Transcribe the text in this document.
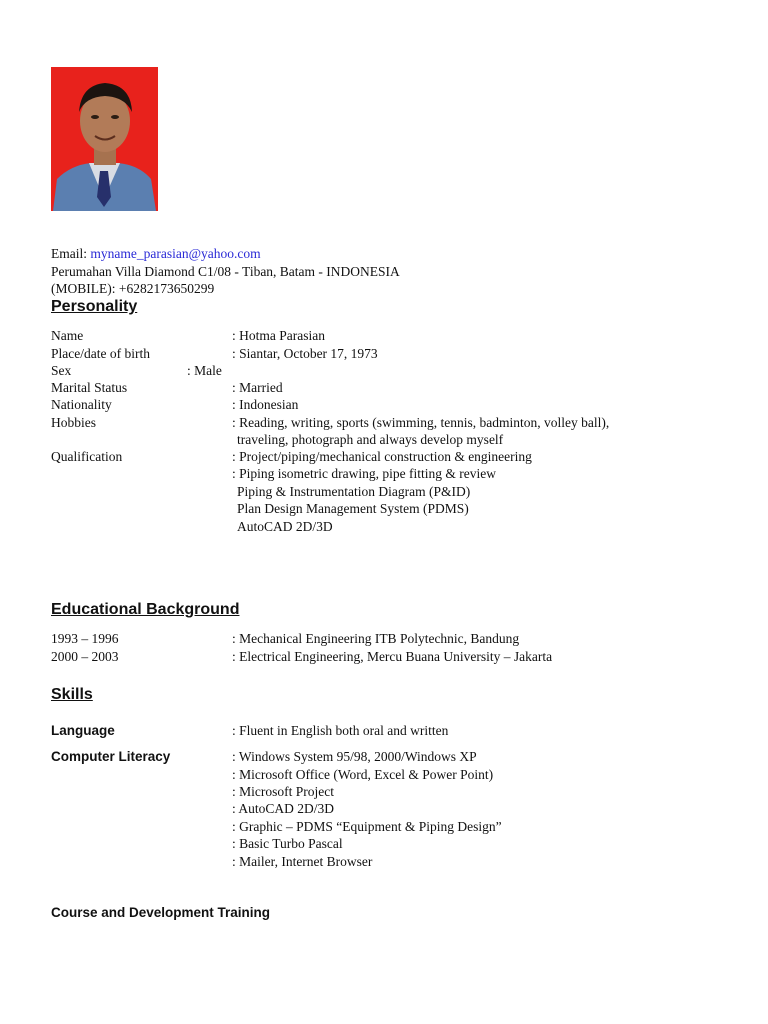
Email: myname_parasian@yahoo.com
Perumahan Villa Diamond C1/08 - Tiban, Batam - INDONESIA
(MOBILE): +6282173650299
Personality
Name	: Hotma Parasian
Place/date of birth	: Siantar, October 17, 1973
Sex	: Male
Marital Status	: Married
Nationality	: Indonesian
Hobbies	: Reading, writing, sports (swimming, tennis, badminton, volley ball),
traveling, photograph and always develop myself
Qualification	: Project/piping/mechanical construction & engineering
: Piping isometric drawing, pipe fitting & review
Piping & Instrumentation Diagram (P&ID)
Plan Design Management System (PDMS)
AutoCAD 2D/3D
Educational Background
1993 – 1996	: Mechanical Engineering ITB Polytechnic, Bandung
2000 – 2003	: Electrical Engineering, Mercu Buana University – Jakarta
Skills
Language	: Fluent in English both oral and written
Computer Literacy	: Windows System 95/98, 2000/Windows XP
: Microsoft Office (Word, Excel & Power Point)
: Microsoft Project
: AutoCAD 2D/3D
: Graphic – PDMS “Equipment & Piping Design”
: Basic Turbo Pascal
: Mailer, Internet Browser
Course and Development Training
